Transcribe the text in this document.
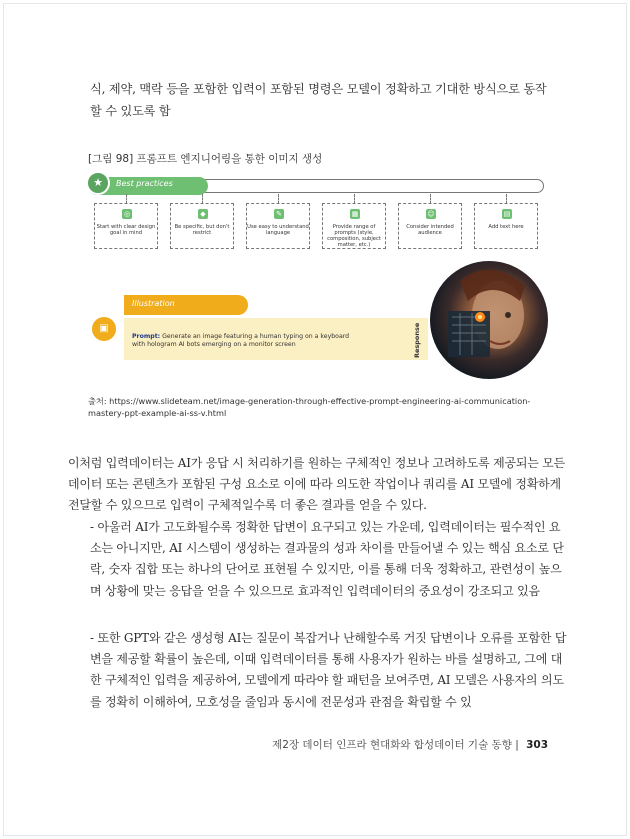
식, 제약, 맥락 등을 포함한 입력이 포함된 명령은 모델이 정확하고 기대한 방식으로 동작
할 수 있도록 함
[그림 98] 프롬프트 엔지니어링을 통한 이미지 생성
★	Best practices
◎
Start with clear design goal in mind
◆
Be specific, but don't restrict
✎
Use easy to understand language
▦
Provide range of prompts (style, composition, subject matter, etc.)
☺
Consider intended audience
▤
Add text here
Illustration
▣
Prompt: Generate an image featuring a human typing on a keyboard with hologram AI bots emerging on a monitor screen	Response
출처: https://www.slideteam.net/image-generation-through-effective-prompt-engineering-ai-communication-mastery-ppt-example-ai-ss-v.html
이처럼 입력데이터는 AI가 응답 시 처리하기를 원하는 구체적인 정보나 고려하도록 제공되는 모든 데이터 또는 콘텐츠가 포함된 구성 요소로 이에 따라 의도한 작업이나 쿼리를 AI 모델에 정확하게 전달할 수 있으므로 입력이 구체적일수록 더 좋은 결과를 얻을 수 있다.
- 아울러 AI가 고도화될수록 정확한 답변이 요구되고 있는 가운데, 입력데이터는 필수적인 요소는 아니지만, AI 시스템이 생성하는 결과물의 성과 차이를 만들어낼 수 있는 핵심 요소로 단락, 숫자 집합 또는 하나의 단어로 표현될 수 있지만, 이를 통해 더욱 정확하고, 관련성이 높으며 상황에 맞는 응답을 얻을 수 있으므로 효과적인 입력데이터의 중요성이 강조되고 있음
- 또한 GPT와 같은 생성형 AI는 질문이 복잡거나 난해할수록 거짓 답변이나 오류를 포함한 답변을 제공할 확률이 높은데, 이때 입력데이터를 통해 사용자가 원하는 바를 설명하고, 그에 대한 구체적인 입력을 제공하여, 모델에게 따라야 할 패턴을 보여주면, AI 모델은 사용자의 의도를 정확히 이해하여, 모호성을 줄임과 동시에 전문성과 관점을 확립할 수 있
제2장 데이터 인프라 현대화와 합성데이터 기술 동향 | 303
